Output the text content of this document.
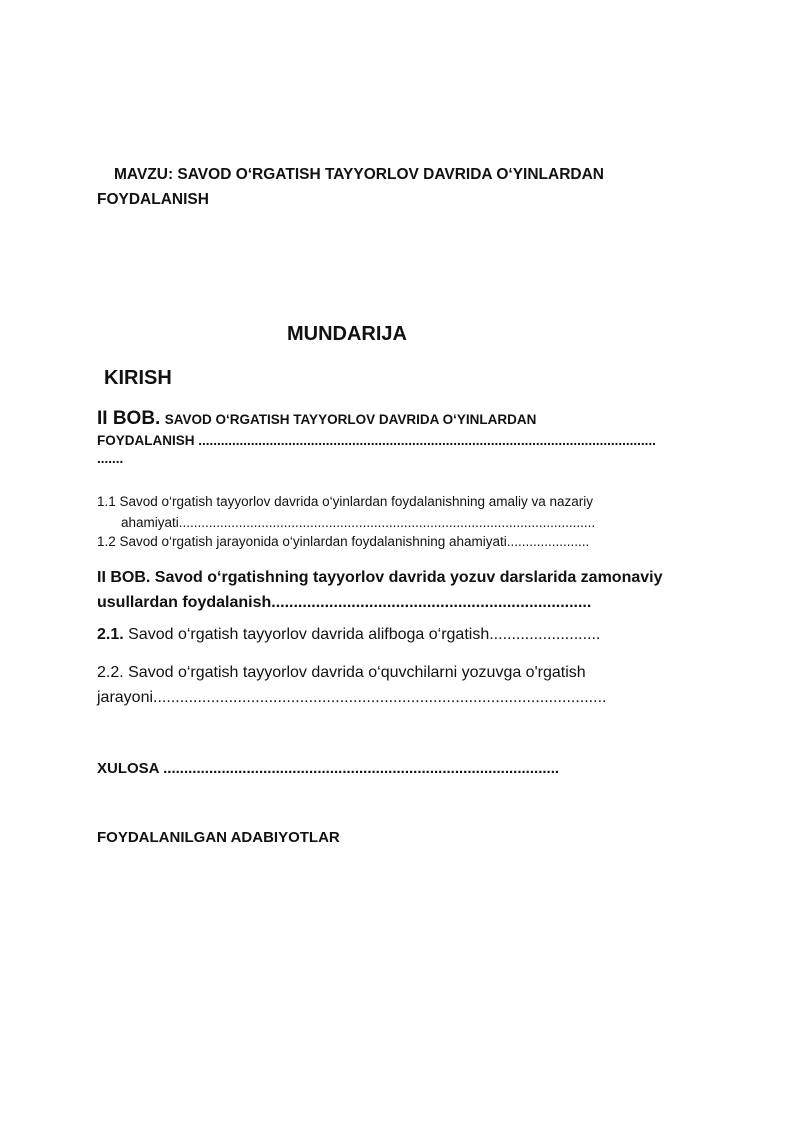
MAVZU: SAVOD O‘RGATISH TAYYORLOV DAVRIDA O‘YINLARDAN
FOYDALANISH
MUNDARIJA
KIRISH
II BOB. SAVOD O‘RGATISH TAYYORLOV DAVRIDA O‘YINLARDAN
FOYDALANISH ..........................................................................................................................
.......
1.1 Savod o‘rgatish tayyorlov davrida o‘yinlardan foydalanishning amaliy va nazariy
ahamiyati...............................................................................................................
1.2 Savod o‘rgatish jarayonida o‘yinlardan foydalanishning ahamiyati......................
II BOB. Savod o‘rgatishning tayyorlov davrida yozuv darslarida zamonaviy
usullardan foydalanish........................................................................
2.1. Savod o‘rgatish tayyorlov davrida alifboga o‘rgatish.........................
2.2. Savod o‘rgatish tayyorlov davrida o‘quvchilarni yozuvga o'rgatish
jarayoni......................................................................................................
XULOSA ...............................................................................................
FOYDALANILGAN ADABIYOTLAR
